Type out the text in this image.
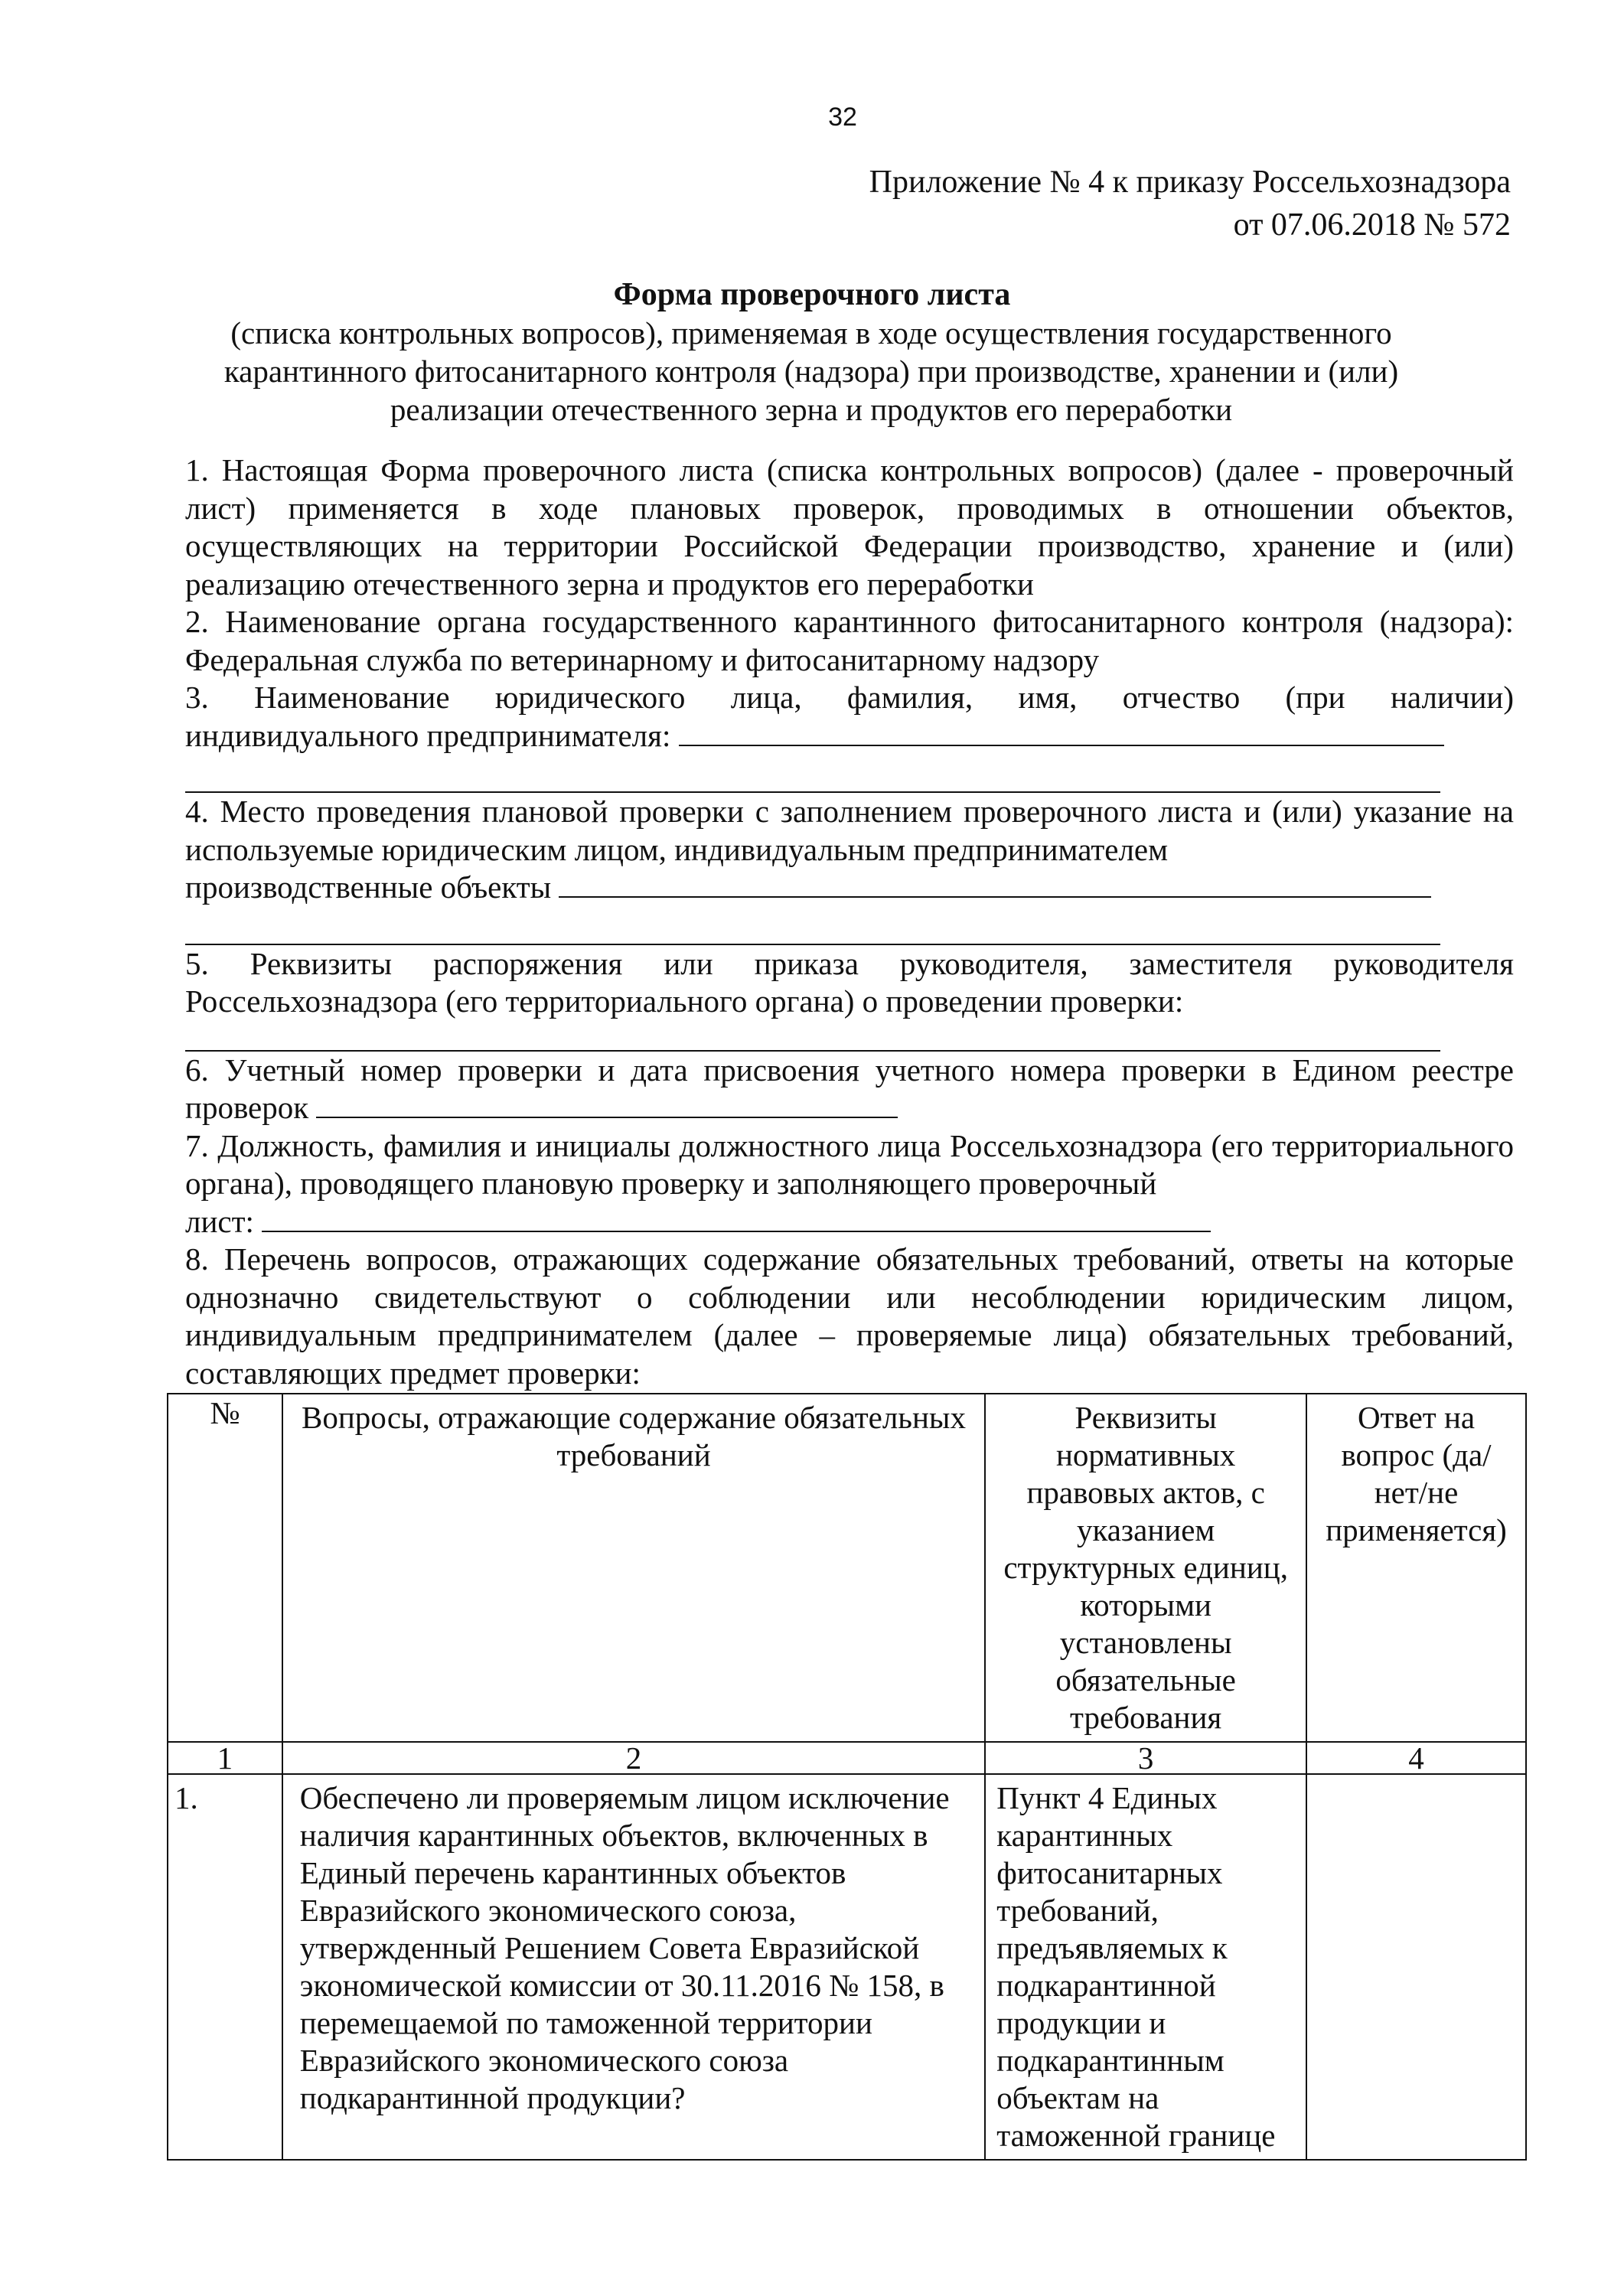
32
Приложение № 4 к приказу Россельхознадзора
от 07.06.2018 № 572
Форма проверочного листа
(списка контрольных вопросов), применяемая в ходе осуществления государственного карантинного фитосанитарного контроля (надзора) при производстве, хранении и (или) реализации отечественного зерна и продуктов его переработки
1. Настоящая Форма проверочного листа (списка контрольных вопросов) (далее - проверочный лист) применяется в ходе плановых проверок, проводимых в отношении объектов, осуществляющих на территории Российской Федерации производство, хранение и (или) реализацию отечественного зерна и продуктов его переработки
2. Наименование органа государственного карантинного фитосанитарного контроля (надзора): Федеральная служба по ветеринарному и фитосанитарному надзору
3. Наименование юридического лица, фамилия, имя, отчество (при наличии)
индивидуального предпринимателя:
4. Место проведения плановой проверки с заполнением проверочного листа и (или) указание на используемые юридическим лицом, индивидуальным предпринимателем
производственные объекты
5. Реквизиты распоряжения или приказа руководителя, заместителя руководителя Россельхознадзора (его территориального органа) о проведении проверки:
6. Учетный номер проверки и дата присвоения учетного номера проверки в Едином реестре
проверок
7. Должность, фамилия и инициалы должностного лица Россельхознадзора (его территориального органа), проводящего плановую проверку и заполняющего проверочный
лист:
8. Перечень вопросов, отражающих содержание обязательных требований, ответы на которые однозначно свидетельствуют о соблюдении или несоблюдении юридическим лицом, индивидуальным предпринимателем (далее – проверяемые лица) обязательных требований, составляющих предмет проверки:
№	Вопросы, отражающие содержание обязательных требований	Реквизиты нормативных правовых актов, с указанием структурных единиц, которыми установлены обязательные требования	Ответ на вопрос (да/нет/не применяется)
1	2	3	4
1.	Обеспечено ли проверяемым лицом исключение наличия карантинных объектов, включенных в Единый перечень карантинных объектов Евразийского экономического союза, утвержденный Решением Совета Евразийской экономической комиссии от 30.11.2016 № 158, в перемещаемой по таможенной территории Евразийского экономического союза подкарантинной продукции?	Пункт 4 Единых карантинных фитосанитарных требований, предъявляемых к подкарантинной продукции и подкарантинным объектам на таможенной границе	
